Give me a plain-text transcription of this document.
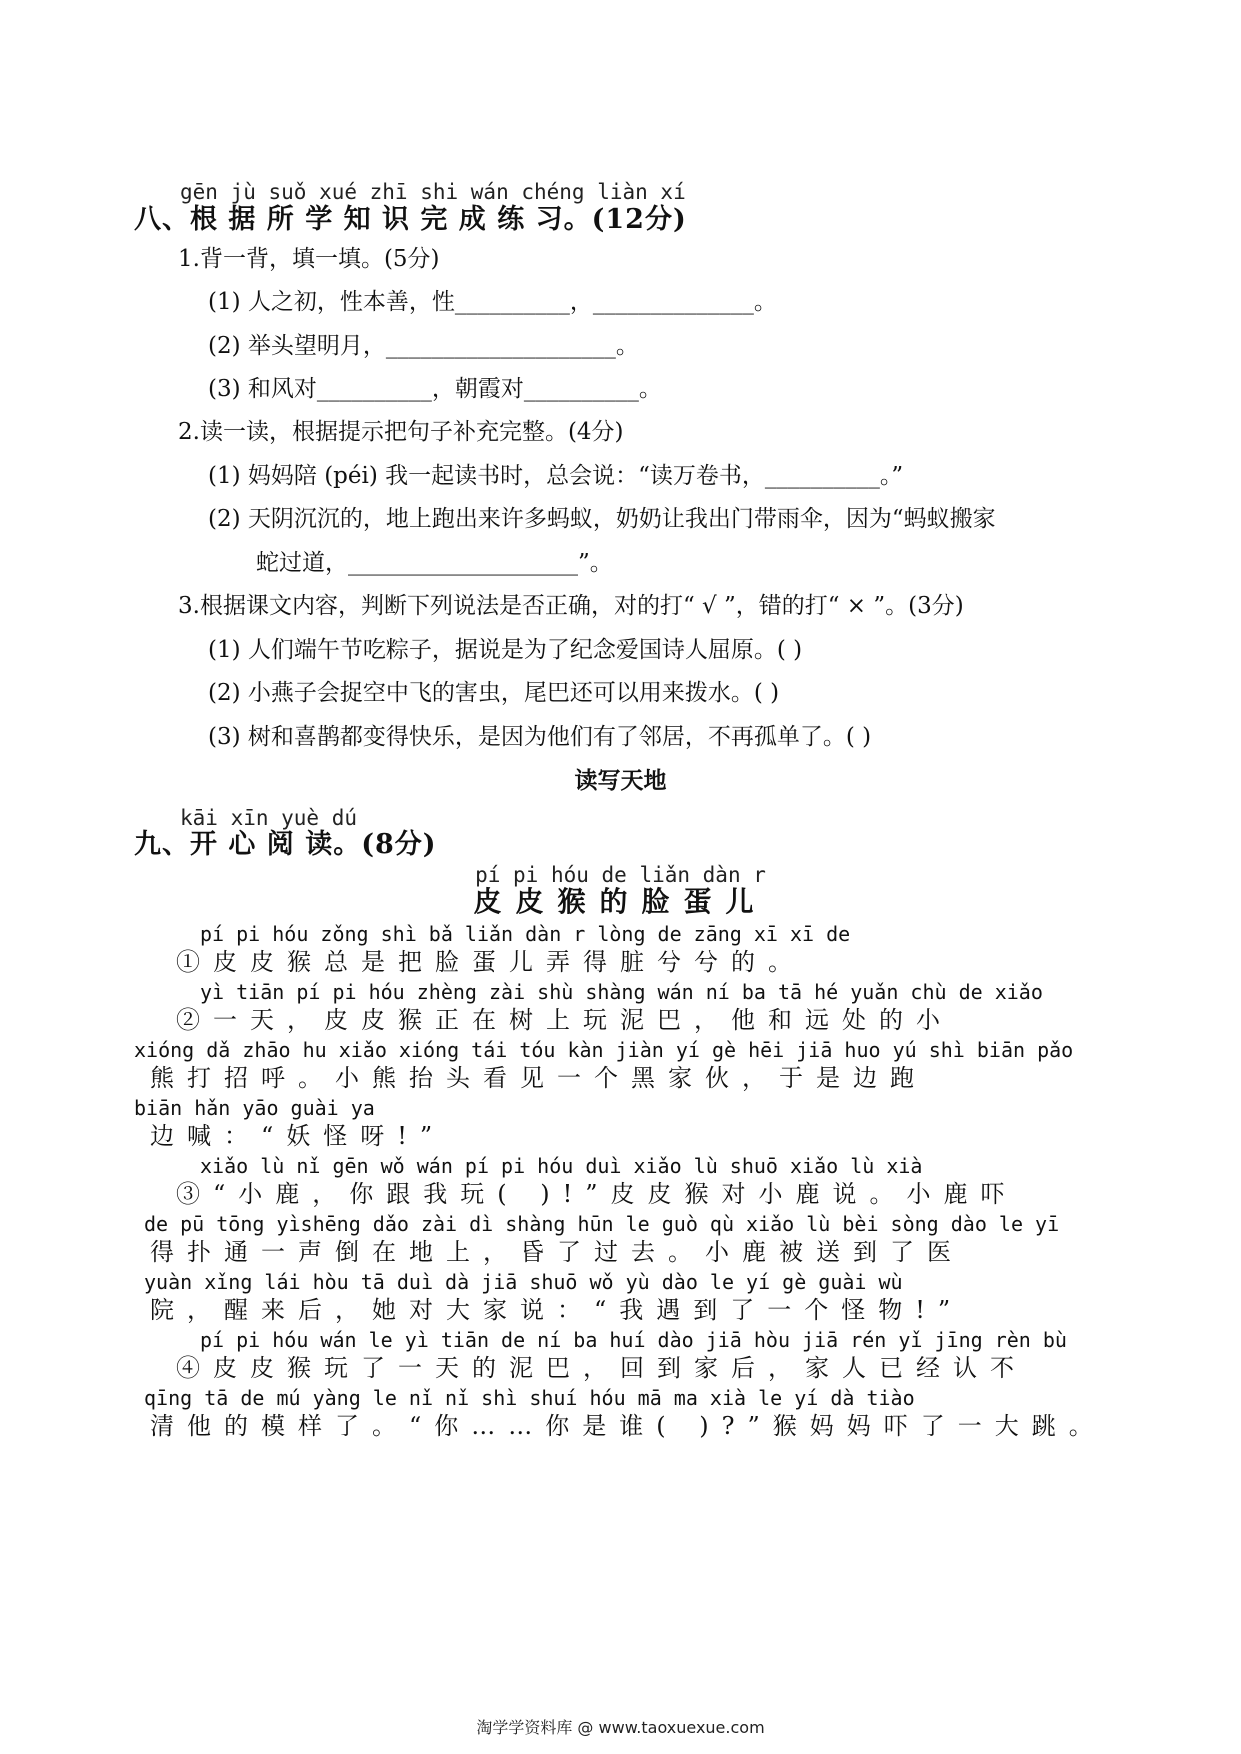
gēn jù suǒ xué zhī shi wán chéng liàn xí
八、根 据 所 学 知 识 完 成 练 习。(12分)
1.背一背，填一填。(5分)
(1) 人之初，性本善，性__________，______________。
(2) 举头望明月，____________________。
(3) 和风对__________，朝霞对__________。
2.读一读，根据提示把句子补充完整。(4分)
(1) 妈妈陪 (péi) 我一起读书时，总会说：“读万卷书，__________。”
(2) 天阴沉沉的，地上跑出来许多蚂蚁，奶奶让我出门带雨伞，因为“蚂蚁搬家
蛇过道，____________________”。
3.根据课文内容，判断下列说法是否正确，对的打“ √ ”，错的打“ × ”。(3分)
(1) 人们端午节吃粽子，据说是为了纪念爱国诗人屈原。( )
(2) 小燕子会捉空中飞的害虫，尾巴还可以用来拨水。( )
(3) 树和喜鹊都变得快乐，是因为他们有了邻居，不再孤单了。( )
读写天地
kāi xīn yuè dú
九、开 心 阅 读。(8分)
pí pi hóu de liǎn dàn r
皮皮猴的脸蛋儿
pí pi hóu zǒng shì bǎ liǎn dàn r lòng de zāng xī xī de
①皮皮猴总是把脸蛋儿弄得脏兮兮的。
yì tiān pí pi hóu zhèng zài shù shàng wán ní ba tā hé yuǎn chù de xiǎo
②一天，皮皮猴正在树上玩泥巴，他和远处的小
xióng dǎ zhāo hu xiǎo xióng tái tóu kàn jiàn yí gè hēi jiā huo yú shì biān pǎo
熊打招呼。小熊抬头看见一个黑家伙，于是边跑
biān hǎn yāo guài ya
边喊：“妖怪呀!”
xiǎo lù nǐ gēn wǒ wán pí pi hóu duì xiǎo lù shuō xiǎo lù xià
③“小鹿，你跟我玩( )!”皮皮猴对小鹿说。小鹿吓
de pū tōng yìshēng dǎo zài dì shàng hūn le guò qù xiǎo lù bèi sòng dào le yī
得扑通一声倒在地上，昏了过去。小鹿被送到了医
yuàn xǐng lái hòu tā duì dà jiā shuō wǒ yù dào le yí gè guài wù
院，醒来后，她对大家说：“我遇到了一个怪物!”
pí pi hóu wán le yì tiān de ní ba huí dào jiā hòu jiā rén yǐ jīng rèn bù
④皮皮猴玩了一天的泥巴，回到家后，家人已经认不
qīng tā de mú yàng le nǐ nǐ shì shuí hóu mā ma xià le yí dà tiào
清他的模样了。“你……你是谁( )?”猴妈妈吓了一大跳。
淘学学资料库 @ www.taoxuexue.com
